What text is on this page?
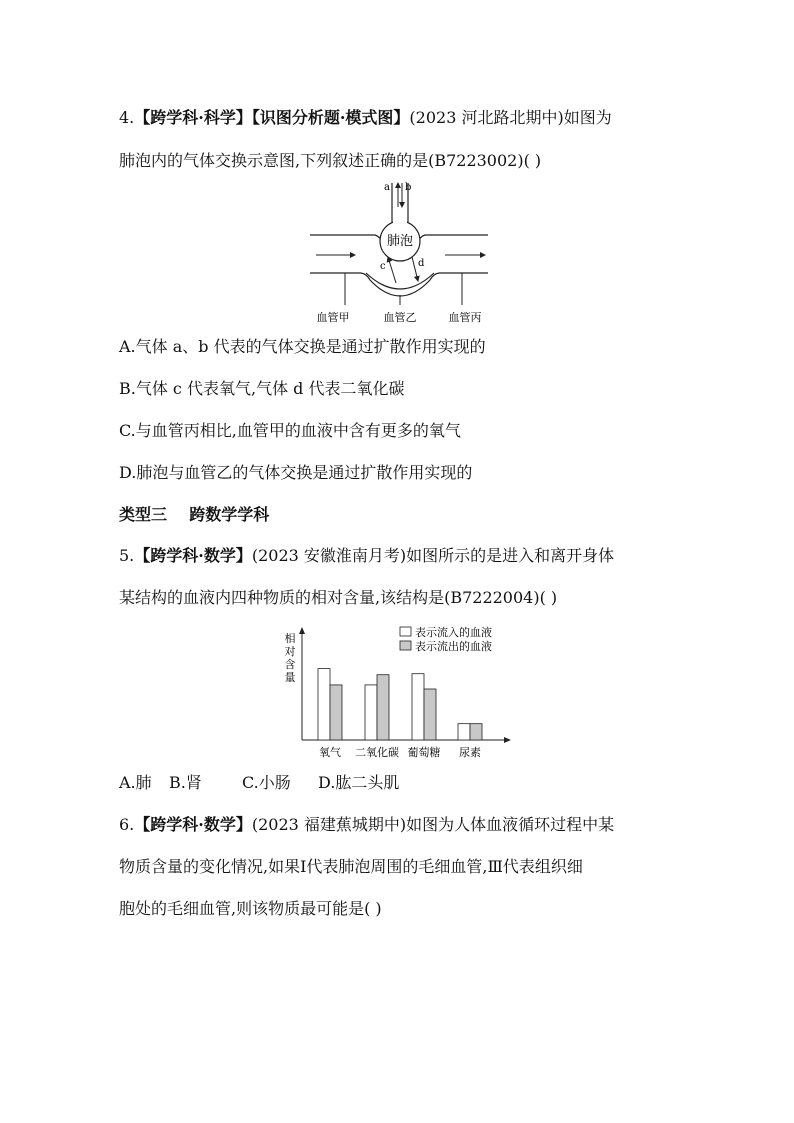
4.【跨学科·科学】【识图分析题·模式图】(2023 河北路北期中)如图为
肺泡内的气体交换示意图,下列叙述正确的是(B7223002)( )
肺泡
a b
c	d
血管甲	血管乙	血管丙
A.气体 a、b 代表的气体交换是通过扩散作用实现的
B.气体 c 代表氧气,气体 d 代表二氧化碳
C.与血管丙相比,血管甲的血液中含有更多的氧气
D.肺泡与血管乙的气体交换是通过扩散作用实现的
类型三    跨数学学科
5.【跨学科·数学】(2023 安徽淮南月考)如图所示的是进入和离开身体
某结构的血液内四种物质的相对含量,该结构是(B7222004)( )
相
对
含
量
表示流入的血液
表示流出的血液
氧气 二氧化碳 葡萄糖 尿素
A.肺 B.肾	C.小肠 D.肱二头肌
6.【跨学科·数学】(2023 福建蕉城期中)如图为人体血液循环过程中某
物质含量的变化情况,如果Ⅰ代表肺泡周围的毛细血管,Ⅲ代表组织细
胞处的毛细血管,则该物质最可能是( )
